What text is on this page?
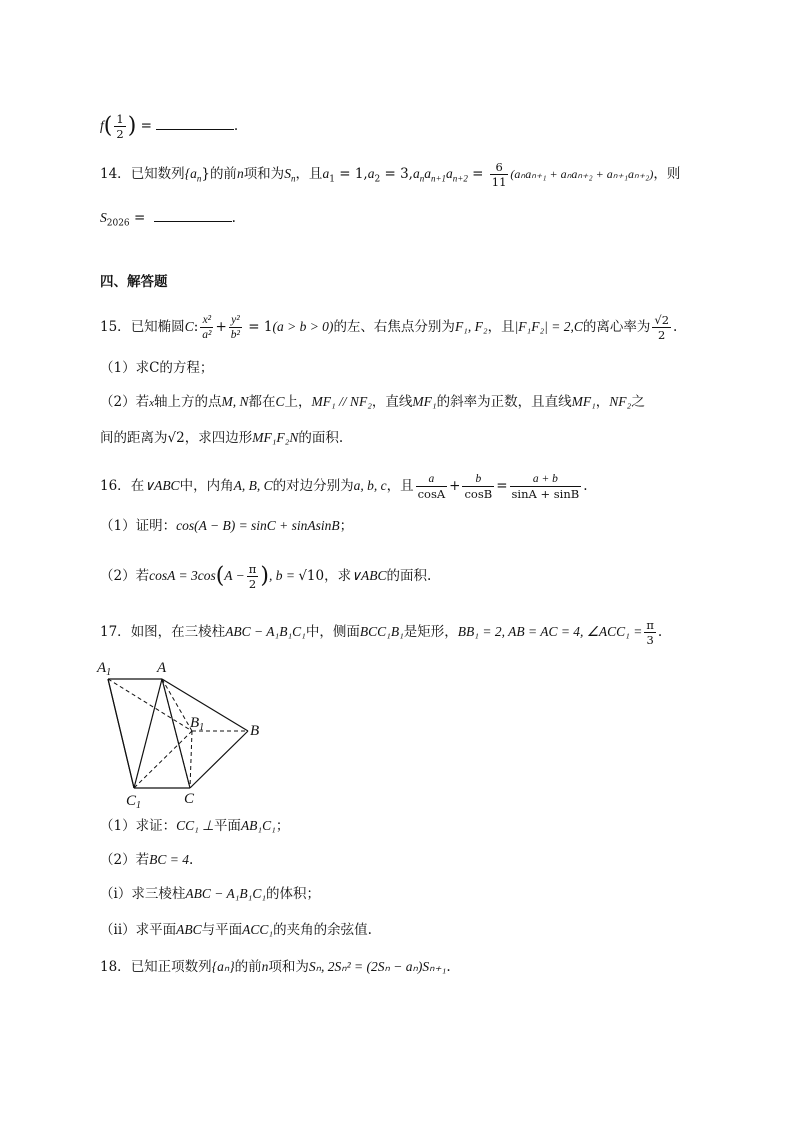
$f( \frac{1}{2}$ ) =	.
14．已知数列$\{a_n\}$的前n项和为$S_n$，且$a_1 = 1,a_2 = 3,a_na_{n+1}a_{n+2} = \frac{6}{11} (a_na_{n+1} + a_na_{n+2} + a_{n+1}a_{n+2})$，则
$S_{2026}$ =	.
四、解答题
15．已知椭圆C: $\frac{\text{x²}}{\text{a²}} + \frac{\text{y²}}{\text{b²}} = 1(a > b > 0)$的左、右焦点分别为F₁, F₂，且|F₁F₂| = 2,C的离心率为 $\frac{√2}{2}$ .
（1）求C的方程；
（2）若x轴上方的点M, N都在C上，MF₁ // NF₂，直线MF₁的斜率为正数，且直线MF₁，NF₂之
间的距离为√2，求四边形MF₁F₂N的面积.
16．在∨ABC中，内角A, B, C的对边分别为a, b, c，且 $\frac{a}{\cos A} + \frac{b}{\cos B} = \frac{a + b}{\sin A + \sin B}$ .
（1）证明：cos(A − B) = sinC + sinAsinB；
（2）若$\cos A = 3\cos(A - \frac{\pi}{2}$ ), b = √10，求∨ABC的面积.
17．如图，在三棱柱ABC − A₁B₁C₁中，侧面BCC₁B₁是矩形，BB₁ = 2, AB = AC = 4, ∠ACC₁ = $\frac{\pi}{3}$ .
$A_1$	A
$B_1$	B
$C_1$	C
（1）求证：CC₁ ⊥平面AB₁C₁；
（2）若BC = 4.
（i）求三棱柱ABC − A₁B₁C₁的体积；
（ii）求平面ABC与平面ACC₁的夹角的余弦值.
18．已知正项数列{aₙ}的前n项和为Sₙ, 2Sₙ² = (2Sₙ − aₙ)Sₙ₊₁.
